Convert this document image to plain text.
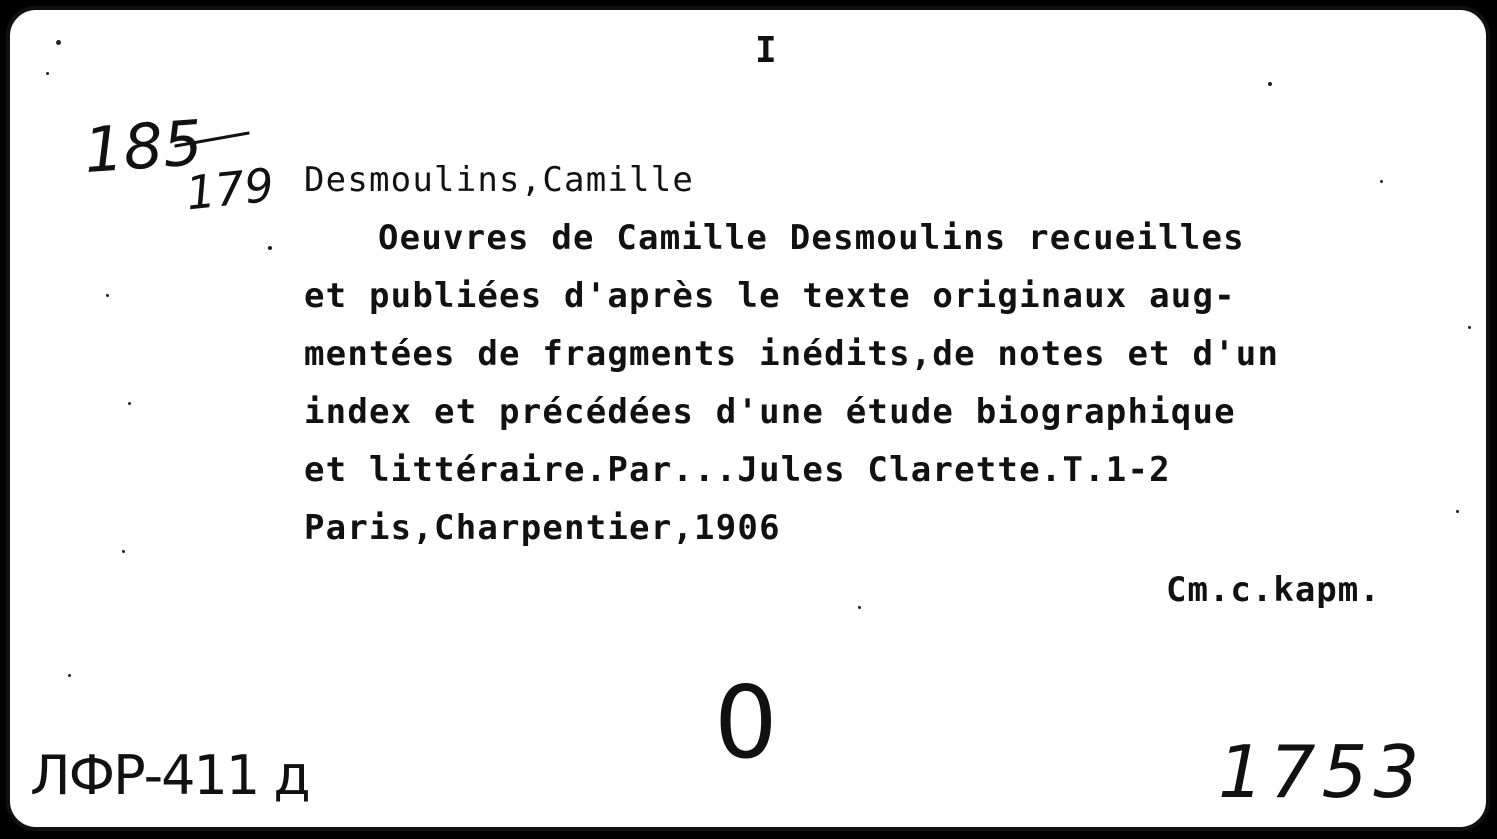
I
185
179 Desmoulins,Camille
Oeuvres de Camille Desmoulins recueilles
et publiées d'après le texte originaux aug-
mentées de fragments inédits,de notes et d'un
index et précédées d'une étude biographique
et littéraire.Par...Jules Clarette.T.1-2
Paris,Charpentier,1906
Cm.c.kapm.
0
ЛФР-411 д	1753
